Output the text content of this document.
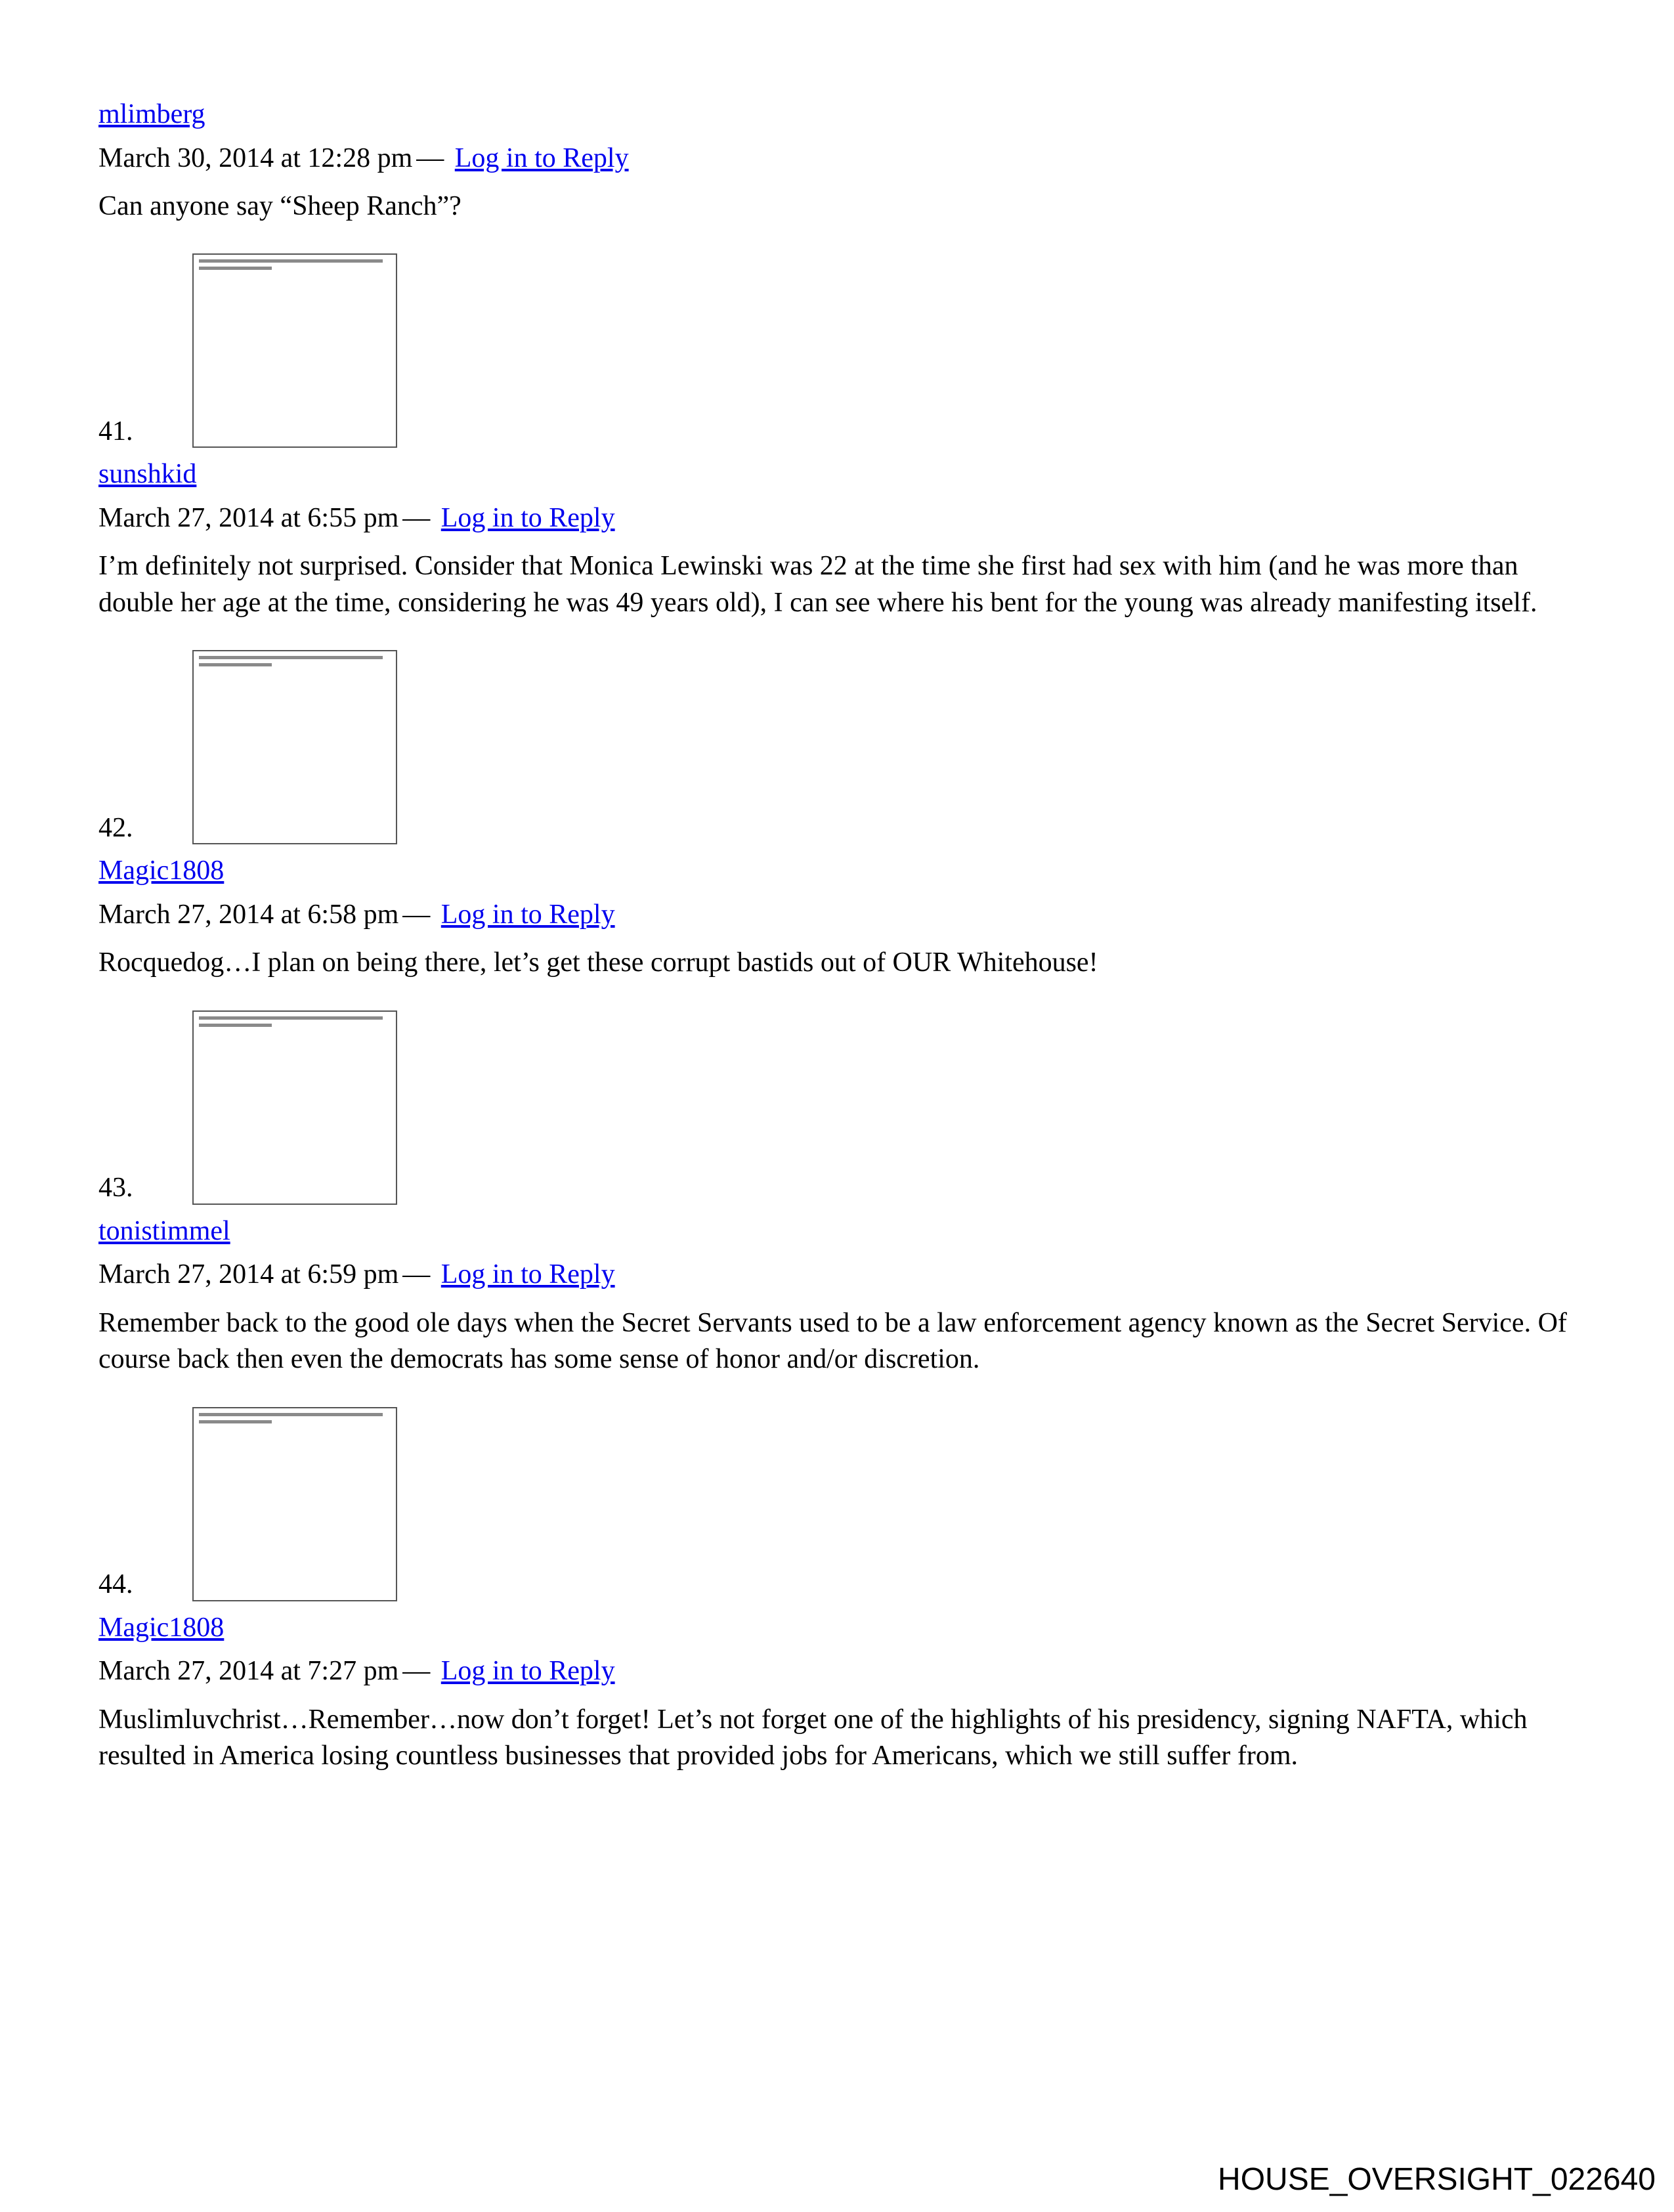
mlimberg
March 30, 2014 at 12:28 pm — Log in to Reply

Can anyone say “Sheep Ranch”?

41.
sunshkid
March 27, 2014 at 6:55 pm — Log in to Reply

I’m definitely not surprised. Consider that Monica Lewinski was 22 at the time she first had sex with him (and he was more than double her age at the time, considering he was 49 years old), I can see where his bent for the young was already manifesting itself.

42.
Magic1808
March 27, 2014 at 6:58 pm — Log in to Reply

Rocquedog…I plan on being there, let’s get these corrupt bastids out of OUR Whitehouse!

43.
tonistimmel
March 27, 2014 at 6:59 pm — Log in to Reply

Remember back to the good ole days when the Secret Servants used to be a law enforcement agency known as the Secret Service. Of course back then even the democrats has some sense of honor and/or discretion.

44.
Magic1808
March 27, 2014 at 7:27 pm — Log in to Reply

Muslimluvchrist…Remember…now don’t forget! Let’s not forget one of the highlights of his presidency, signing NAFTA, which resulted in America losing countless businesses that provided jobs for Americans, which we still suffer from.

HOUSE_OVERSIGHT_022640
